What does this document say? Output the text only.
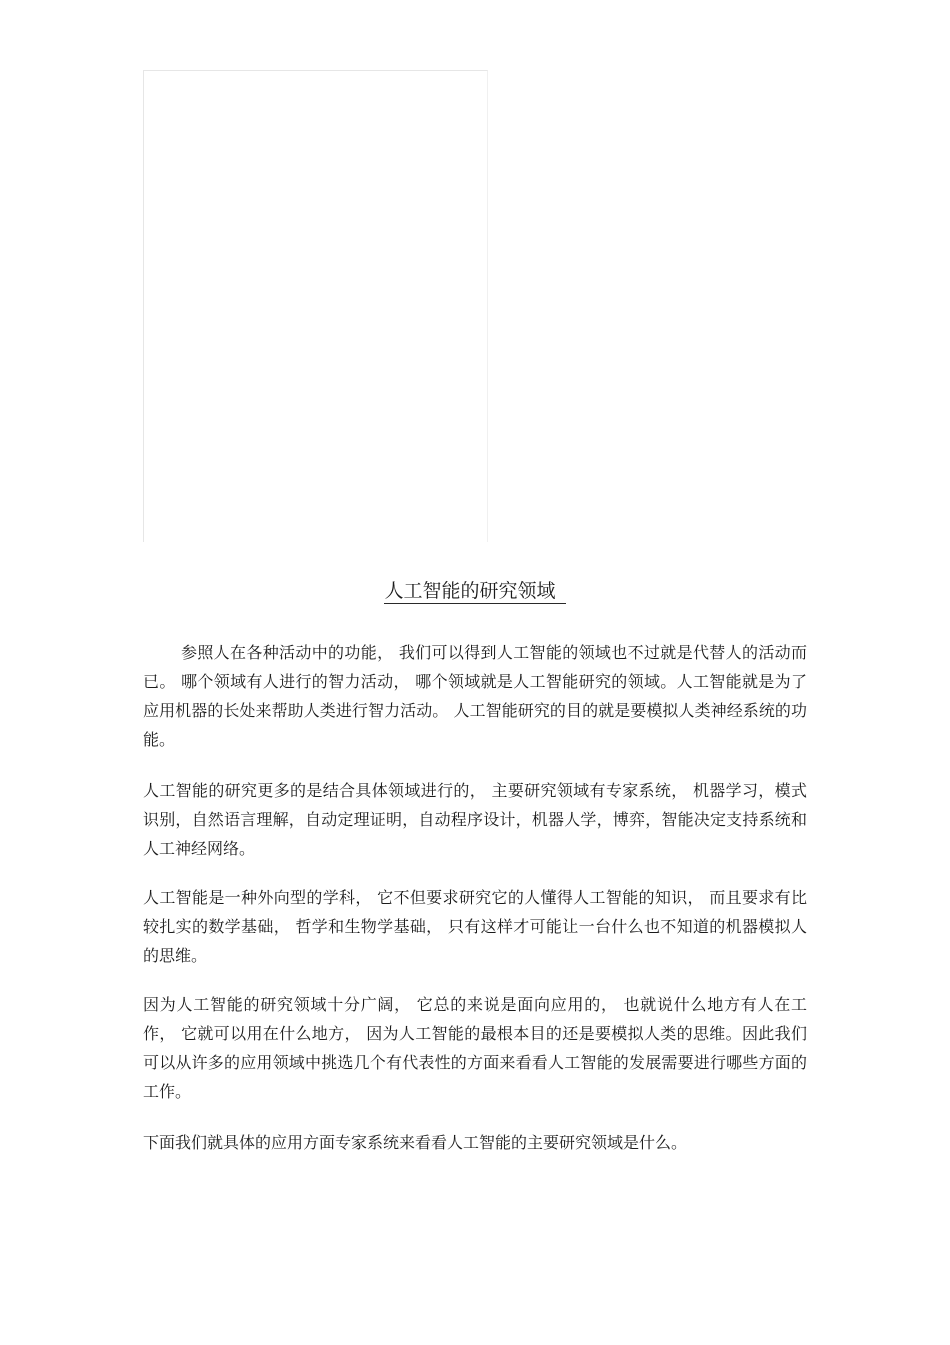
人工智能的研究领域

参照人在各种活动中的功能， 我们可以得到人工智能的领域也不过就是代替人的活动而已。 哪个领域有人进行的智力活动， 哪个领域就是人工智能研究的领域。人工智能就是为了应用机器的长处来帮助人类进行智力活动。 人工智能研究的目的就是要模拟人类神经系统的功能。

人工智能的研究更多的是结合具体领域进行的， 主要研究领域有专家系统， 机器学习，模式识别，自然语言理解，自动定理证明，自动程序设计，机器人学，博弈，智能决定支持系统和人工神经网络。

人工智能是一种外向型的学科， 它不但要求研究它的人懂得人工智能的知识， 而且要求有比较扎实的数学基础， 哲学和生物学基础， 只有这样才可能让一台什么也不知道的机器模拟人的思维。

因为人工智能的研究领域十分广阔， 它总的来说是面向应用的， 也就说什么地方有人在工作， 它就可以用在什么地方， 因为人工智能的最根本目的还是要模拟人类的思维。因此我们可以从许多的应用领域中挑选几个有代表性的方面来看看人工智能的发展需要进行哪些方面的工作。

下面我们就具体的应用方面专家系统来看看人工智能的主要研究领域是什么。
